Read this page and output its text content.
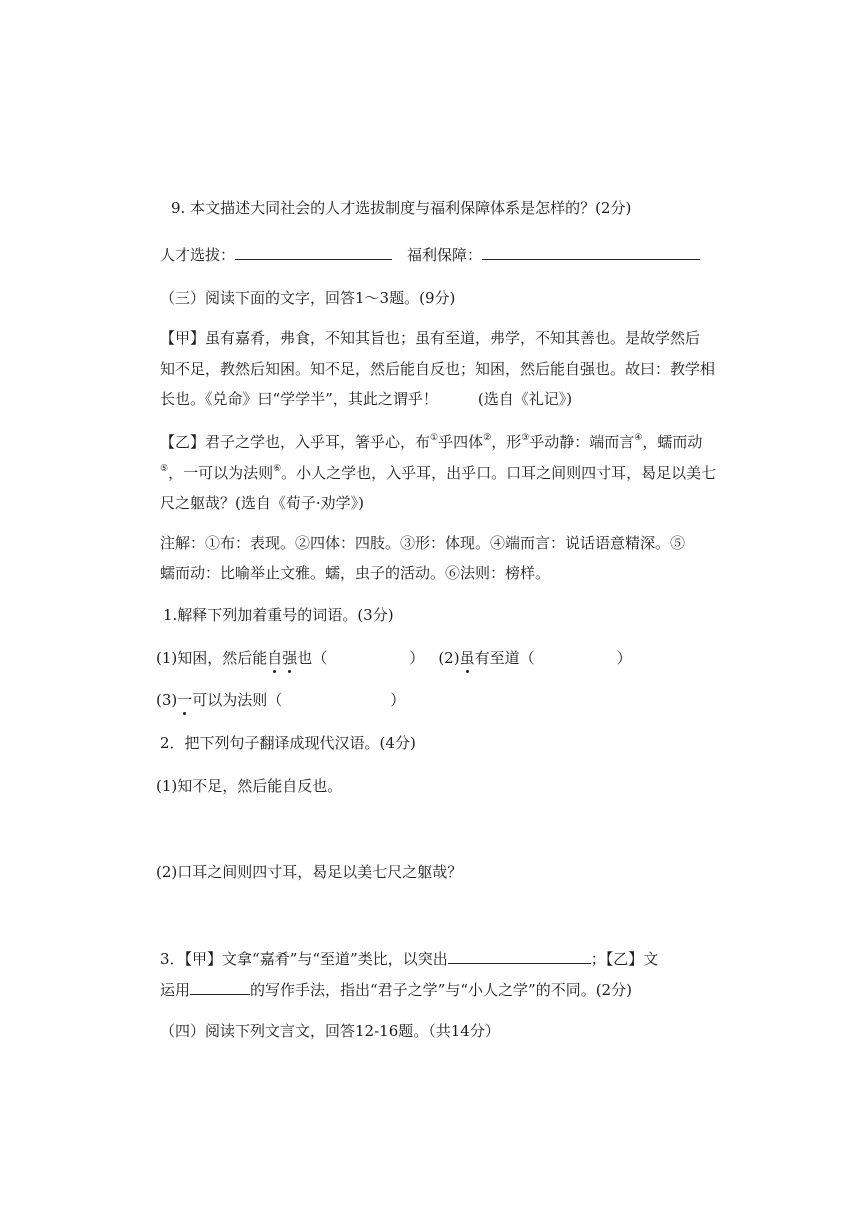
9. 本文描述大同社会的人才选拔制度与福利保障体系是怎样的？(2分)
人才选拔：	福利保障：
（三）阅读下面的文字，回答1～3题。(9分)
【甲】虽有嘉肴，弗食，不知其旨也；虽有至道，弗学，不知其善也。是故学然后
知不足，教然后知困。知不足，然后能自反也；知困，然后能自强也。故曰：教学相
长也。《兑命》曰“学学半”，其此之谓乎！	(选自《礼记》)
【乙】君子之学也，入乎耳，箸乎心，布①乎四体②，形③乎动静：端而言④，蠕而动
⑤，一可以为法则⑥。小人之学也，入乎耳，出乎口。口耳之间则四寸耳，曷足以美七
尺之躯哉？(选自《荀子·劝学》)
注解：①布：表现。②四体：四肢。③形：体现。④端而言：说话语意精深。⑤
蠕而动：比喻举止文雅。蠕，虫子的活动。⑥法则：榜样。
1.解释下列加着重号的词语。(3分)
(1)知困，然后能自强也（	） (2)虽有至道（	）
(3)一可以为法则（	）
2．把下列句子翻译成现代汉语。(4分)
(1)知不足，然后能自反也。
(2)口耳之间则四寸耳，曷足以美七尺之躯哉？
3．【甲】文拿“嘉肴”与“至道”类比，以突出	；【乙】文
运用	的写作手法，指出“君子之学”与“小人之学”的不同。(2分)
（四）阅读下列文言文，回答12-16题。（共14分）
